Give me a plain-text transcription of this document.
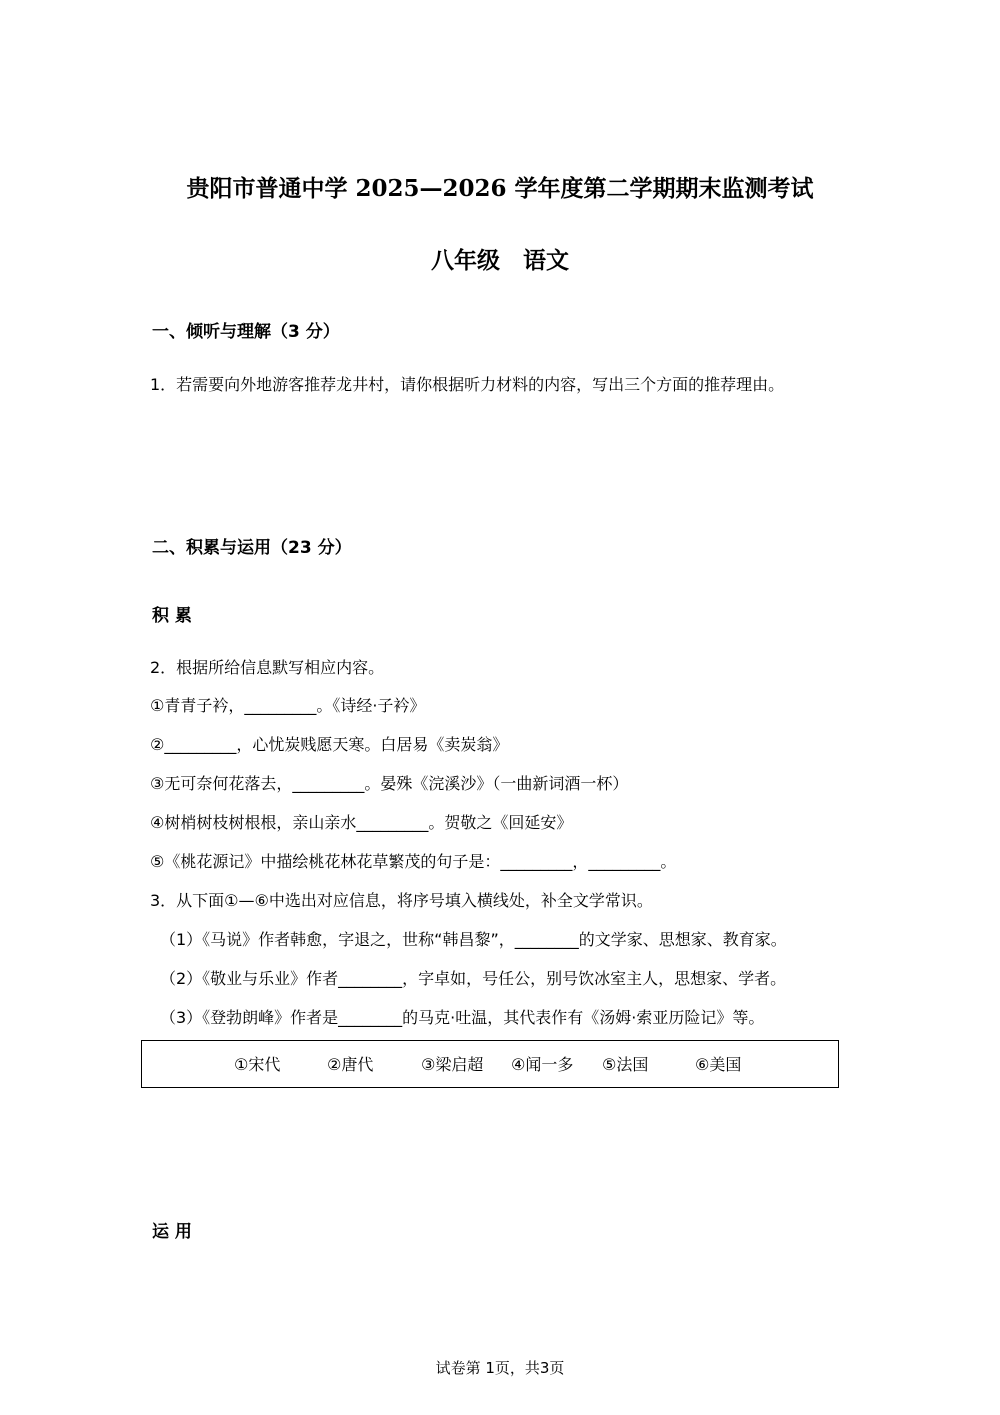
贵阳市普通中学 2025—2026 学年度第二学期期末监测考试
八年级　语文
一、倾听与理解（3 分）
1．若需要向外地游客推荐龙井村，请你根据听力材料的内容，写出三个方面的推荐理由。
二、积累与运用（23 分）
积 累
2．根据所给信息默写相应内容。
①青青子衿，_________。《诗经·子衿》
②_________，心忧炭贱愿天寒。白居易《卖炭翁》
③无可奈何花落去，_________。晏殊《浣溪沙》（一曲新词酒一杯）
④树梢树枝树根根，亲山亲水_________。贺敬之《回延安》
⑤《桃花源记》中描绘桃花林花草繁茂的句子是：_________，_________。
3．从下面①—⑥中选出对应信息，将序号填入横线处，补全文学常识。
（1）《马说》作者韩愈，字退之，世称“韩昌黎”，________的文学家、思想家、教育家。
（2）《敬业与乐业》作者________，字卓如，号任公，别号饮冰室主人，思想家、学者。
（3）《登勃朗峰》作者是________的马克·吐温，其代表作有《汤姆·索亚历险记》等。
①宋代	②唐代	③梁启超 ④闻一多 ⑤法国	⑥美国
运 用
试卷第 1页，共3页
